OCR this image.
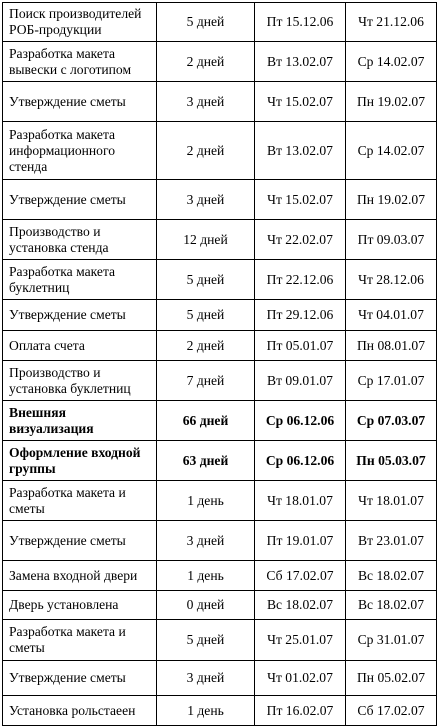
Поиск производителей РОБ-продукции	5 дней	Пт 15.12.06	Чт 21.12.06
Разработка макета вывески с логотипом	2 дней	Вт 13.02.07	Ср 14.02.07
Утверждение сметы	3 дней	Чт 15.02.07	Пн 19.02.07
Разработка макета информационного стенда	2 дней	Вт 13.02.07	Ср 14.02.07
Утверждение сметы	3 дней	Чт 15.02.07	Пн 19.02.07
Производство и установка стенда	12 дней	Чт 22.02.07	Пт 09.03.07
Разработка макета буклетниц	5 дней	Пт 22.12.06	Чт 28.12.06
Утверждение сметы	5 дней	Пт 29.12.06	Чт 04.01.07
Оплата счета	2 дней	Пт 05.01.07	Пн 08.01.07
Производство и установка буклетниц	7 дней	Вт 09.01.07	Ср 17.01.07
Внешняя визуализация	66 дней	Ср 06.12.06	Ср 07.03.07
Оформление входной группы	63 дней	Ср 06.12.06	Пн 05.03.07
Разработка макета и сметы	1 день	Чт 18.01.07	Чт 18.01.07
Утверждение сметы	3 дней	Пт 19.01.07	Вт 23.01.07
Замена входной двери	1 день	Сб 17.02.07	Вс 18.02.07
Дверь установлена	0 дней	Вс 18.02.07	Вс 18.02.07
Разработка макета и сметы	5 дней	Чт 25.01.07	Ср 31.01.07
Утверждение сметы	3 дней	Чт 01.02.07	Пн 05.02.07
Установка рольстаеен	1 день	Пт 16.02.07	Сб 17.02.07
